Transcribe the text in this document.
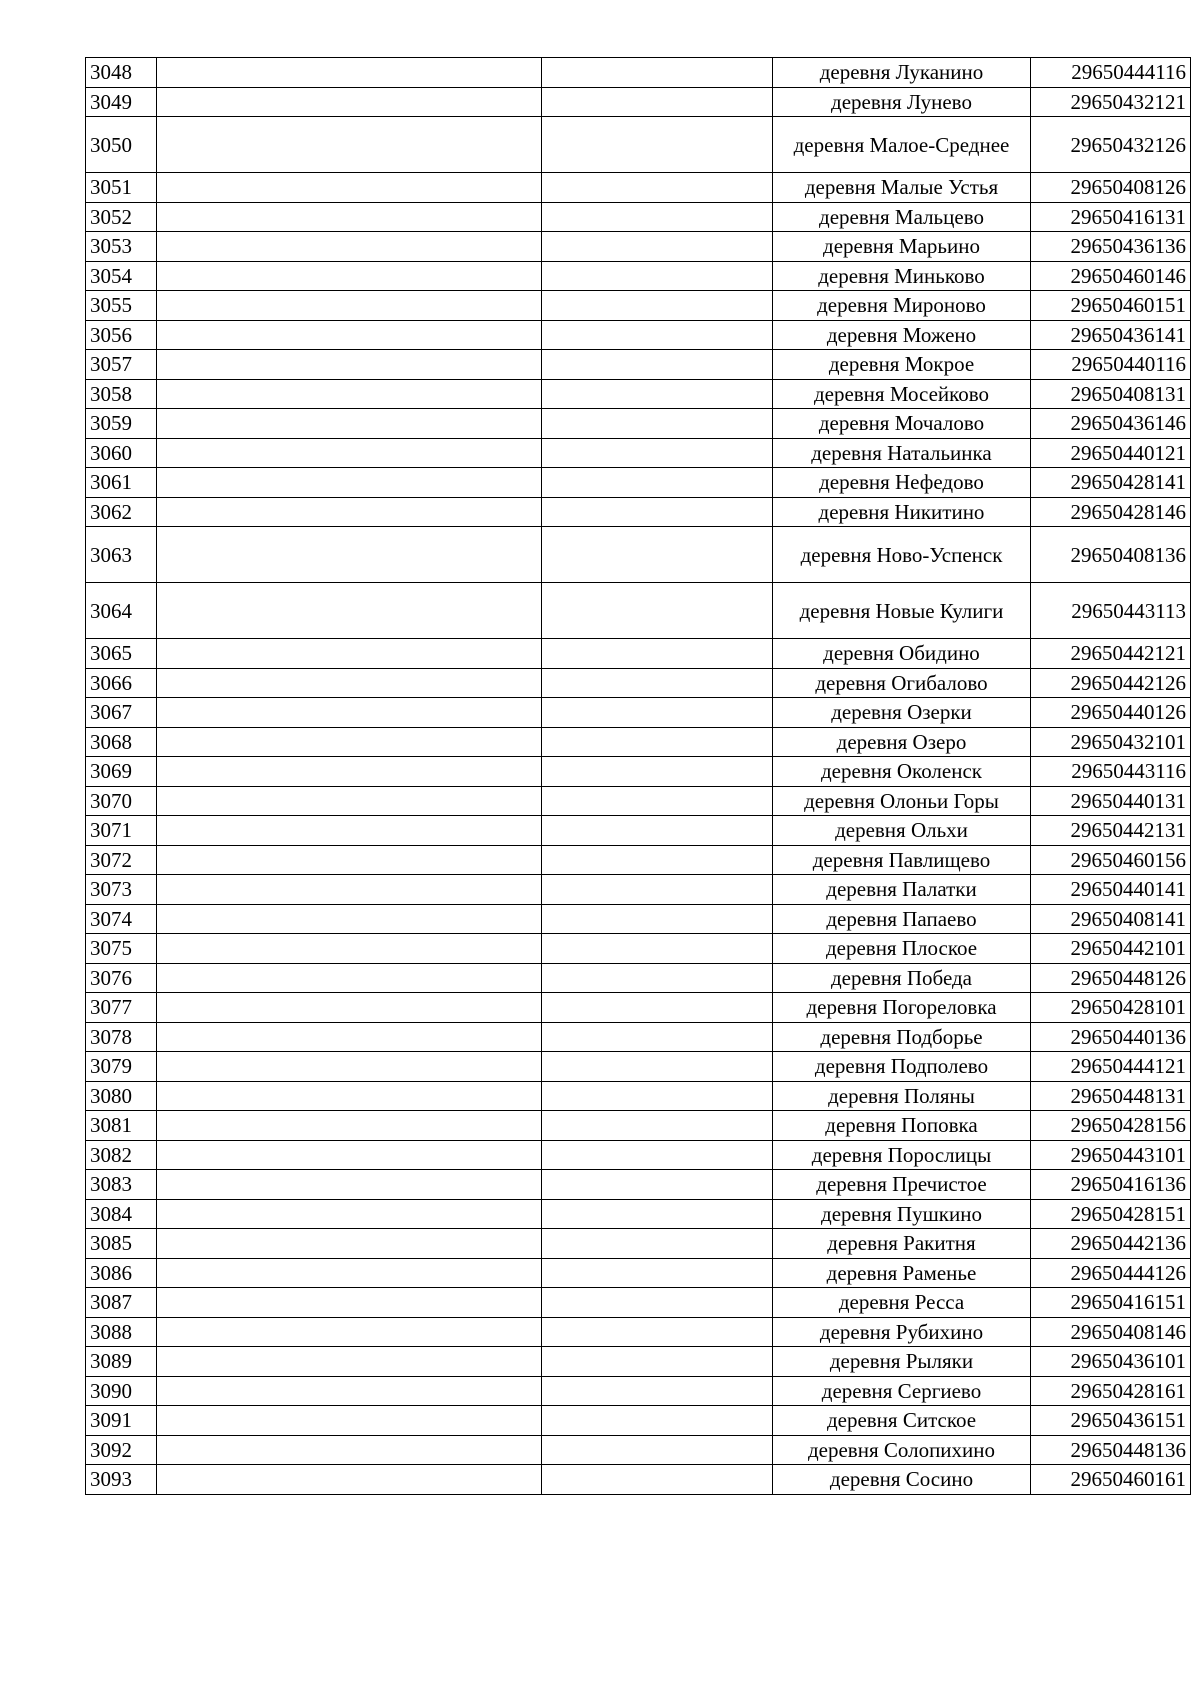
3048			деревня Луканино	29650444116
3049			деревня Лунево	29650432121
3050			деревня Малое-Среднее	29650432126
3051			деревня Малые Устья	29650408126
3052			деревня Мальцево	29650416131
3053			деревня Марьино	29650436136
3054			деревня Миньково	29650460146
3055			деревня Мироново	29650460151
3056			деревня Можено	29650436141
3057			деревня Мокрое	29650440116
3058			деревня Мосейково	29650408131
3059			деревня Мочалово	29650436146
3060			деревня Натальинка	29650440121
3061			деревня Нефедово	29650428141
3062			деревня Никитино	29650428146
3063			деревня Ново-Успенск	29650408136
3064			деревня Новые Кулиги	29650443113
3065			деревня Обидино	29650442121
3066			деревня Огибалово	29650442126
3067			деревня Озерки	29650440126
3068			деревня Озеро	29650432101
3069			деревня Околенск	29650443116
3070			деревня Олоньи Горы	29650440131
3071			деревня Ольхи	29650442131
3072			деревня Павлищево	29650460156
3073			деревня Палатки	29650440141
3074			деревня Папаево	29650408141
3075			деревня Плоское	29650442101
3076			деревня Победа	29650448126
3077			деревня Погореловка	29650428101
3078			деревня Подборье	29650440136
3079			деревня Подполево	29650444121
3080			деревня Поляны	29650448131
3081			деревня Поповка	29650428156
3082			деревня Порослицы	29650443101
3083			деревня Пречистое	29650416136
3084			деревня Пушкино	29650428151
3085			деревня Ракитня	29650442136
3086			деревня Раменье	29650444126
3087			деревня Ресса	29650416151
3088			деревня Рубихино	29650408146
3089			деревня Рыляки	29650436101
3090			деревня Сергиево	29650428161
3091			деревня Ситское	29650436151
3092			деревня Солопихино	29650448136
3093			деревня Сосино	29650460161
